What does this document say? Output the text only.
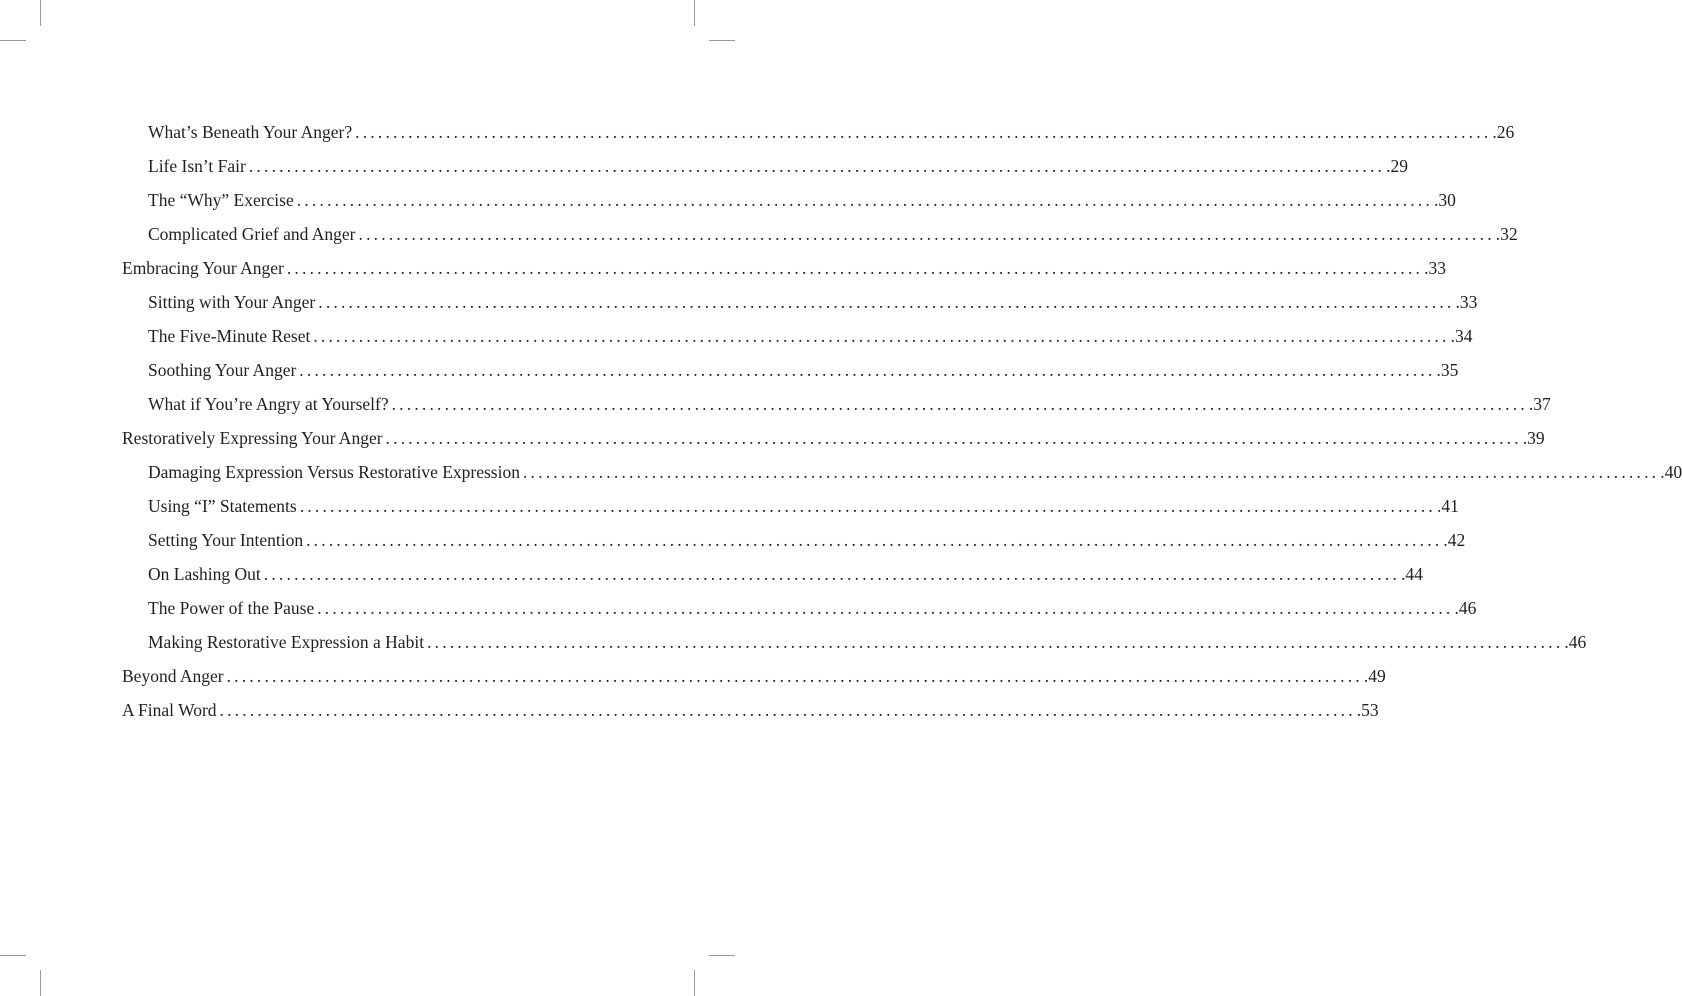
What’s Beneath Your Anger? ...................................................................................................................................................... .26
Life Isn’t Fair ...................................................................................................................................................... .29
The “Why” Exercise ...................................................................................................................................................... .30
Complicated Grief and Anger ...................................................................................................................................................... .32
Embracing Your Anger ...................................................................................................................................................... .33
Sitting with Your Anger ...................................................................................................................................................... .33
The Five-Minute Reset ...................................................................................................................................................... .34
Soothing Your Anger ...................................................................................................................................................... .35
What if You’re Angry at Yourself? ...................................................................................................................................................... .37
Restoratively Expressing Your Anger ...................................................................................................................................................... .39
Damaging Expression Versus Restorative Expression ...................................................................................................................................................... .40
Using “I” Statements ...................................................................................................................................................... .41
Setting Your Intention ...................................................................................................................................................... .42
On Lashing Out ...................................................................................................................................................... .44
The Power of the Pause ...................................................................................................................................................... .46
Making Restorative Expression a Habit ...................................................................................................................................................... .46
Beyond Anger ...................................................................................................................................................... .49
A Final Word ...................................................................................................................................................... .53
